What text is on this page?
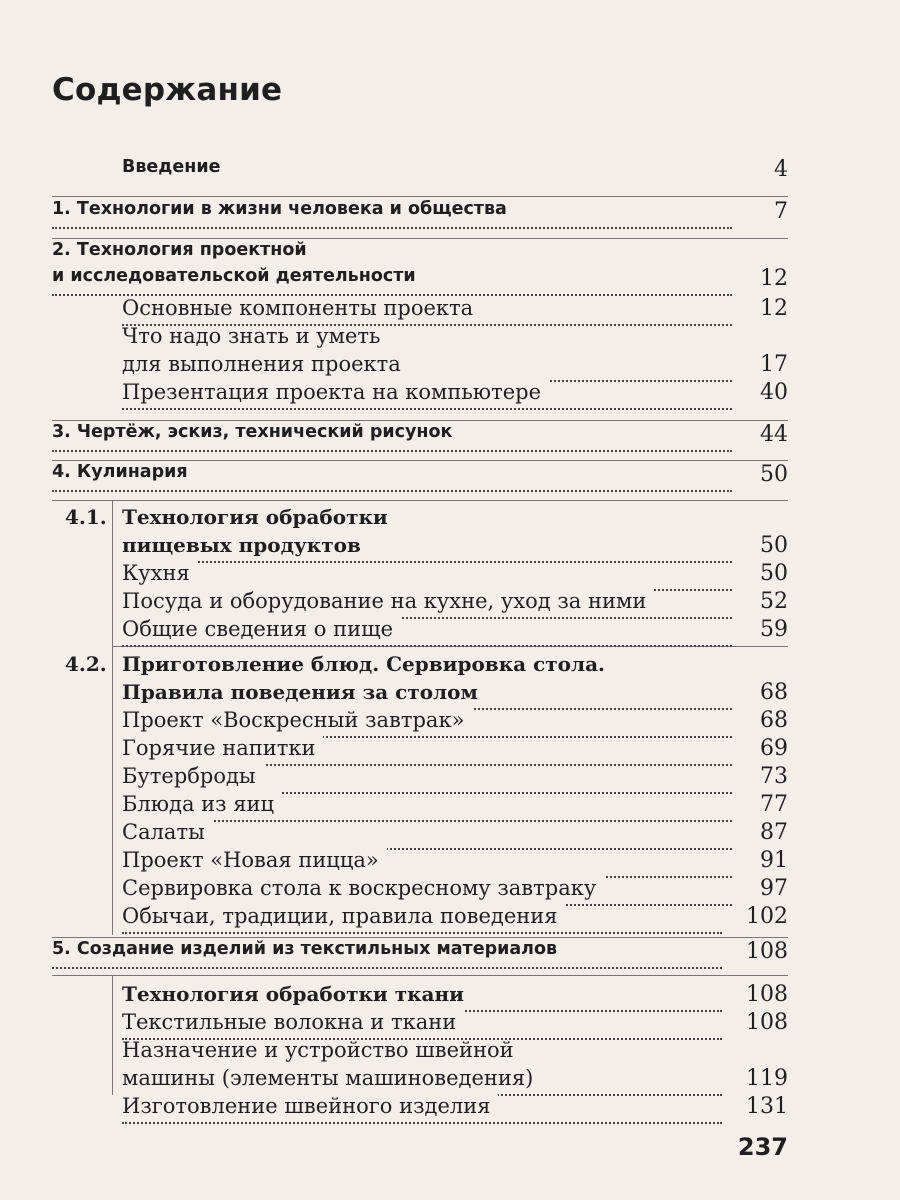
Содержание
Введение	4
1. Технологии в жизни человека и общества	7
2. Технология проектной
и исследовательской деятельности	12
Основные компоненты проекта	12
Что надо знать и уметь
для выполнения проекта	17
Презентация проекта на компьютере	40
3. Чертёж, эскиз, технический рисунок	44
4. Кулинария	50
4.1. Технология обработки
пищевых продуктов	50
Кухня	50
Посуда и оборудование на кухне, уход за ними	52
Общие сведения о пище	59
4.2. Приготовление блюд. Сервировка стола.
Правила поведения за столом	68
Проект «Воскресный завтрак»	68
Горячие напитки	69
Бутерброды	73
Блюда из яиц	77
Салаты	87
Проект «Новая пицца»	91
Сервировка стола к воскресному завтраку	97
Обычаи, традиции, правила поведения	102
5. Создание изделий из текстильных материалов	108
Технология обработки ткани	108
Текстильные волокна и ткани	108
Назначение и устройство швейной
машины (элементы машиноведения)	119
Изготовление швейного изделия	131
237
